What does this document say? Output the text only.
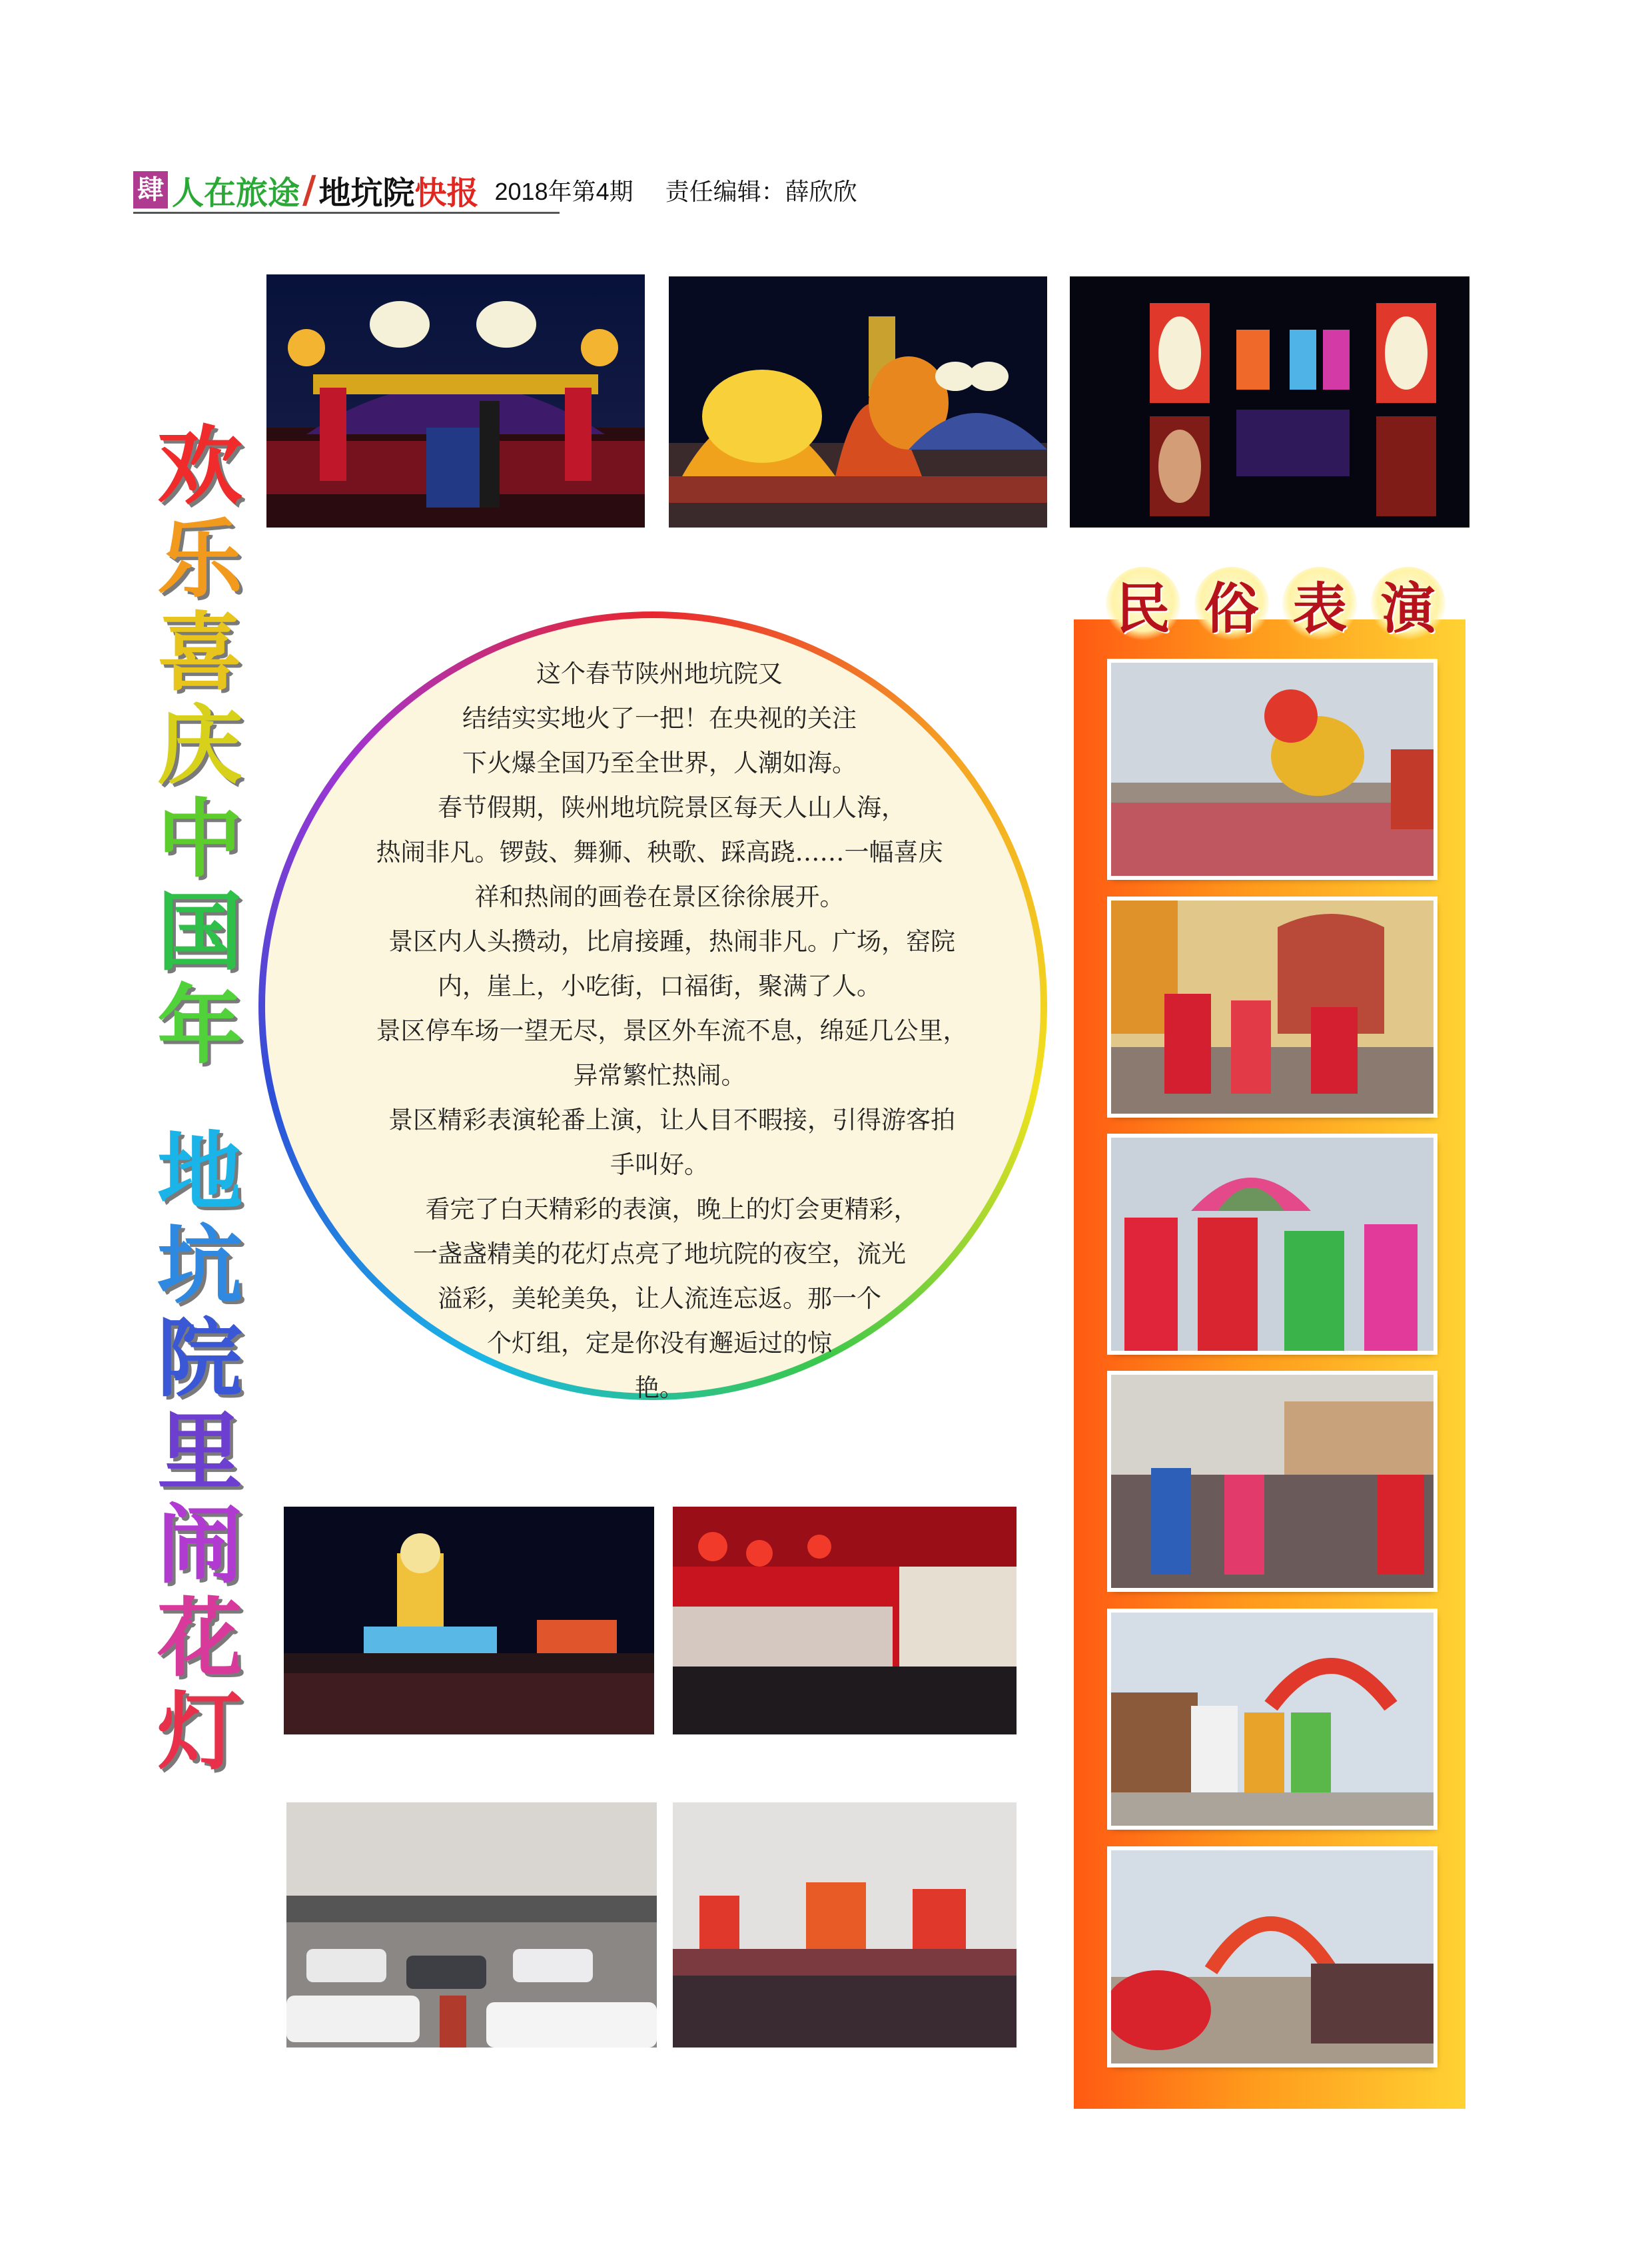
肆 人在旅途 / 地坑院 快报 2018年第4期 责任编辑：薛欣欣
欢
乐
喜
庆
中
国
年
地
坑
院
里
闹
花
灯
这个春节陕州地坑院又
结结实实地火了一把！在央视的关注
下火爆全国乃至全世界，人潮如海。
　春节假期，陕州地坑院景区每天人山人海，
热闹非凡。锣鼓、舞狮、秧歌、踩高跷……一幅喜庆
祥和热闹的画卷在景区徐徐展开。
　景区内人头攒动，比肩接踵，热闹非凡。广场，窑院
内，崖上，小吃街，口福街，聚满了人。
　景区停车场一望无尽，景区外车流不息，绵延几公里，
异常繁忙热闹。
　景区精彩表演轮番上演，让人目不暇接，引得游客拍
手叫好。
　看完了白天精彩的表演，晚上的灯会更精彩，
一盏盏精美的花灯点亮了地坑院的夜空，流光
溢彩，美轮美奂，让人流连忘返。那一个
个灯组，定是你没有邂逅过的惊
艳。
民 俗 表 演
